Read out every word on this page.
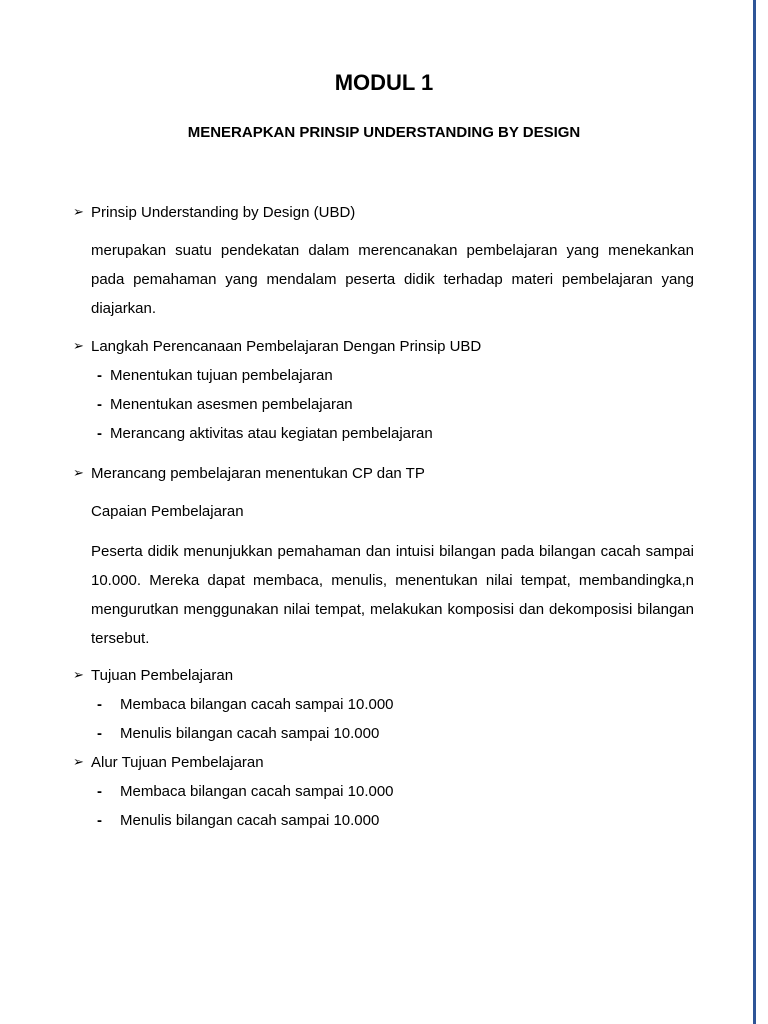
MODUL 1
MENERAPKAN PRINSIP UNDERSTANDING BY DESIGN
➢ Prinsip Understanding by Design (UBD)
merupakan suatu pendekatan dalam merencanakan pembelajaran yang menekankan pada pemahaman yang mendalam peserta didik terhadap materi pembelajaran yang diajarkan.
➢ Langkah Perencanaan Pembelajaran Dengan Prinsip UBD
- Menentukan tujuan pembelajaran
- Menentukan asesmen pembelajaran
- Merancang aktivitas atau kegiatan pembelajaran
➢ Merancang pembelajaran menentukan CP dan TP
Capaian Pembelajaran
Peserta didik menunjukkan pemahaman dan intuisi bilangan pada bilangan cacah sampai 10.000. Mereka dapat membaca, menulis, menentukan nilai tempat, membandingka,n mengurutkan menggunakan nilai tempat, melakukan komposisi dan dekomposisi bilangan tersebut.
➢ Tujuan Pembelajaran
- Membaca bilangan cacah sampai 10.000
- Menulis bilangan cacah sampai 10.000
➢ Alur Tujuan Pembelajaran
- Membaca bilangan cacah sampai 10.000
- Menulis bilangan cacah sampai 10.000
